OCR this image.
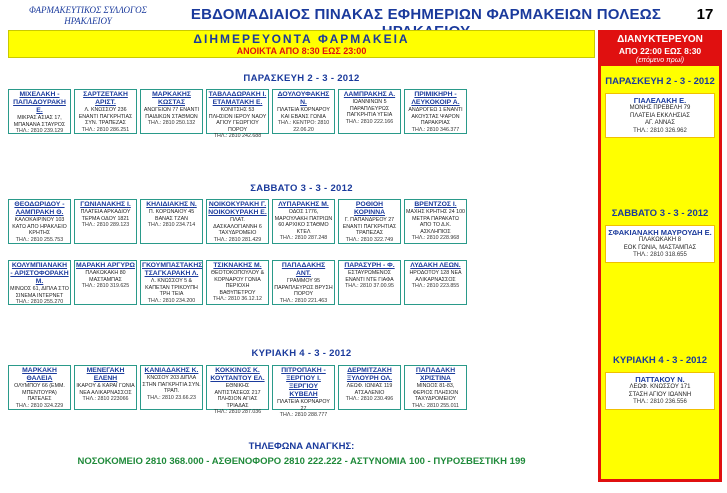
ΦΑΡΜΑΚΕΥΤΙΚΟΣ ΣΥΛΛΟΓΟΣ
ΗΡΑΚΛΕΙΟΥ	ΕΒΔΟΜΑΔΙΑΙΟΣ ΠΙΝΑΚΑΣ ΕΦΗΜΕΡΙΩΝ ΦΑΡΜΑΚΕΙΩΝ ΠΟΛΕΩΣ	17
ΔΙΗΜΕΡΕΥΟΝΤΑ ΦΑΡΜΑΚΕΙΑ
ΑΝΟΙΚΤΑ ΑΠΟ 8:30 ΕΩΣ 23:00
ΠΑΡΑΣΚΕΥΗ 2 - 3 - 2012
ΣΑΒΒΑΤΟ 3 - 3 - 2012
ΚΥΡΙΑΚΗ 4 - 3 - 2012
ΜΙΧΕΛΑΚΗ - ΠΑΠΑΔΟΥΡΑΚΗ Ε.
ΜΙΚΡΑΣ ΑΣΙΑΣ 17, ΜΠΑΝΑΝΑ ΣΤΑΥΡΟΣ
ΤΗΛ.: 2810 239.129
ΣΑΡΤΖΕΤΑΚΗ ΑΡΙΣΤ.
Λ. ΚΝΩΣΣΟΥ 236 ΕΝΑΝΤΙ ΠΑΓΚΡΗΤΙΑΣ ΣΥΝ. ΤΡΑΠΕΖΑΣ
ΤΗΛ.: 2810 286.251
ΜΑΡΚΑΚΗΣ ΚΩΣΤΑΣ
ΑΝΩΓΕΙΩΝ 77 ΕΝΑΝΤΙ ΠΑΙΔΙΚΩΝ ΣΤΑΘΜΩΝ
ΤΗΛ.: 2810 250.132
ΤΑΒΛΑΔΩΡΑΚΗ Ι. ΕΤΑΜΑΤΑΚΗ Ε.
ΚΟΝΙΤΣΗΣ 53 ΠΛΗΣΙΟΝ ΙΕΡΟΥ ΝΑΟΥ ΑΓΙΟΥ ΓΕΩΡΓΙΟΥ ΠΟΡΟΥ
ΤΗΛ.: 2810 242.688
ΔΟΥΛΟΥΦΑΚΗΣ Ν.
ΠΛΑΤΕΙΑ ΚΟΡΝΑΡΟΥ ΚΑΙ ΕΒΑΝΣ ΓΩΝΙΑ
ΤΗΛ.: ΚΕΝΤΡΟ: 2810 22.06.20
ΛΑΜΠΡΑΚΗΣ Α.
ΙΩΑΝΝΙΝΩΝ 5 ΠΑΡΑΠΛΕΥΡΩΣ ΠΑΓΚΡΗΤΙΑ ΥΓΕΙΑ
ΤΗΛ.: 2810 222.166
ΠΡΙΜΙΚΗΡΗ - ΛΕΥΚΟΚΟΙΡ Α.
ΑΝΔΡΟΓΕΩ 1 ΕΝΑΝΤΙ ΑΚΟΥΣΤΑΣ ΨΑΡΟΝ ΠΑΡΑΚΡΙΑΣ
ΤΗΛ.: 2810 346.377
ΘΕΟΔΩΡΙΔΟΥ - ΛΑΜΠΡΑΚΗ Θ.
ΚΑΛΟΚΑΙΡΙΝΟΥ 103 ΚΑΤΩ ΑΠΟ ΗΡΑΚΛΕΙΟ ΚΡΗΤΗΣ
ΤΗΛ.: 2810 255.753
ΓΩΝΙΑΝΑΚΗΣ Ι.
ΠΛΑΤΕΙΑ ΑΡΚΑΔΙΟΥ ΤΕΡΜΑ ΟΔΟΥ 1821
ΤΗΛ.: 2810 289.123
ΚΗΛΙΔΙΑΚΗΣ Ν.
Π. ΚΟΡΩΝΑΙΟΥ 45 ΒΑΝΑΣ ΤΖΑΝ
ΤΗΛ.: 2810 234.714
ΝΟΙΚΟΚΥΡΑΚΗ Γ. ΝΟΙΚΟΚΥΡΑΚΗ Ε.
ΠΛΑΤ. ΔΑΣΚΑΛΟΓΙΑΝΝΗ 6 ΤΑΧΥΔΡΟΜΕΙΟ
ΤΗΛ.: 2810 281.429
ΛΥΠΑΡΑΚΗΣ Μ.
ΟΔΟΣ 1776, ΜΑΡΟΥΛΑΚΗ ΠΑΤΡΙΩΝ 60 ΑΡΧΙΚΟ ΣΤΑΘΜΟ ΚΤΕΛ
ΤΗΛ.: 2810 287.248
ΡΟΘΙΟΗ ΚΟΡΙΝΝΑ
Γ. ΠΑΠΑΝΔΡΕΟΥ 27 ΕΝΑΝΤΙ ΠΑΓΚΡΗΤΙΑΣ ΤΡΑΠΕΖΑΣ
ΤΗΛ.: 2810 322.749
ΒΡΕΝΤΖΟΣ Ι.
ΜΑΧΗΣ ΚΡΗΤΗΣ 24 100 ΜΕΤΡΑ ΠΑΡΑΚΑΤΩ ΑΠΟ ΤΟ Δ.Κ. ΑΣΚΛΗΠΙΟΣ
ΤΗΛ.: 2810 228.968
ΚΟΛΥΜΠΙΑΝΑΚΗ - ΑΡΙΣΤΟΦΟΡΑΚΗ Μ.
ΜΙΝΩΟΣ 61, ΔΙΠΛΑ ΣΤΟ ΣΙΝΕΜΑ ΙΝΤΕΡΝΕΤ
ΤΗΛ.: 2810 255.270
ΜΑΡΑΚΗ ΑΡΓΥΡΩ
ΠΛΑΚΩΚΑΚΗ 80 ΜΑΣΤΑΜΠΑΣ
ΤΗΛ.: 2810 319.625
ΓΚΟΥΜΠΑΣΤΑΚΗΣ ΤΣΑΓΚΑΡΑΚΗ Λ.
Λ. ΚΝΩΣΣΟΥ 5 & ΚΑΠΕΤΑΝ ΤΡΙΚΟΥΠΗ ΤΡΗ ΤΕΙΑ
ΤΗΛ.: 2810 234.200
ΤΣΙΚΝΑΚΗΣ Μ.
ΘΕΟΤΟΚΟΠΟΥΛΟΥ & ΚΟΡΝΑΡΟΥ ΓΩΝΙΑ ΠΕΡΙΟΧΗ ΒΑΘΥΠΕΤΡΟΥ
ΤΗΛ.: 2810 36.12.12
ΠΑΠΑΔΑΚΗΣ ΑΝΤ.
ΓΡΑΜΜΟΥ 95 ΠΑΡΑΠΛΕΥΡΩΣ ΒΡΥΣΗ ΠΟΡΟΥ
ΤΗΛ.: 2810 221.463
ΠΑΡΑΣΥΡΗ - Φ.
ΕΣΤΑΥΡΩΜΕΝΟΣ ΕΝΑΝΤΙ ΝΤΕ ΓΙΑΦΑ
ΤΗΛ.: 2810 37.00.95
ΛΥΔΑΚΗ ΛΕΩΝ.
ΗΡΟΔΟΤΟΥ 128 ΝΕΑ ΑΛΙΚΑΡΝΑΣΣΟΣ
ΤΗΛ.: 2810 223.855
ΜΑΡΚΑΚΗ ΘΑΛΕΙΑ
ΟΛΥΜΠΟΥ 66 (ΕΜΜ. ΜΠΕΝΤΟΥΡΑ) ΠΑΤΕΛΕΣ
ΤΗΛ.: 2810 324.229
ΜΕΝΕΓΑΚΗ ΕΛΕΝΗ
ΙΚΑΡΟΥ & ΚΑΡΑΪ ΓΩΝΙΑ ΝΕΑ ΑΛΙΚΑΡΝΑΣΣΟΣ
ΤΗΛ.: 2810 223066
ΚΑΝΙΑΔΑΚΗΣ Κ.
ΚΝΩΣΟΥ 203 ΔΙΠΛΑ ΣΤΗΝ ΠΑΓΚΡΗΤΙΑ ΣΥΝ. ΤΡΑΠ.
ΤΗΛ.: 2810 23.66.23
ΚΟΚΚΙΝΟΣ Κ. ΚΟΥΤΑΝΤΟΥ ΕΛ.
ΕΘΝΙΚΗΣ ΑΝΤΙΣΤΑΣΕΩΣ 217 ΠΛΗΣΙΟΝ ΑΓΙΑΣ ΤΡΙΑΔΑΣ
ΤΗΛ.: 2810 287.036
ΠΙΤΡΟΠΑΚΗ - ΞΕΡΓΙΟΥ Ι. ΞΕΡΓΙΟΥ ΚΥΒΕΛΗ
ΠΛΑΤΕΙΑ ΚΟΡΝΑΡΟΥ 27
ΤΗΛ.: 2810 288.777
ΔΕΡΜΙΤΖΑΚΗ ΞΥΛΟΥΡΗ ΟΛ.
ΛΕΩΦ. ΙΩΝΙΑΣ 119 ΑΤΣΑΛΕΝΙΟ
ΤΗΛ.: 2810 230.496
ΠΑΠΑΔΑΚΗ ΧΡΙΣΤΙΝΑ
ΜΙΝΩΟΣ 81-83, ΦΕΡΙΟΣ ΠΛΗΣΙΟΝ ΤΑΧΥΔΡΟΜΕΙΟΥ
ΤΗΛ.: 2810 255.011
ΔΙΑΝΥΚΤΕΡΕΥΟΝ
ΑΠΟ 22:00 ΕΩΣ 8:30
(επόμενο πρωί)
ΠΑΡΑΣΚΕΥΗ 2 - 3 - 2012
ΓΙΑΛΕΛΑΚΗ Ε.
ΜΟΝΗΣ ΠΡΕΒΕΛΗ 79
ΠΛΑΤΕΙΑ ΕΚΚΛΗΣΙΑΣ
ΑΓ. ΑΝΝΑΣ
ΤΗΛ.: 2810 326.962
ΣΑΒΒΑΤΟ 3 - 3 - 2012
ΣΦΑΚΙΑΝΑΚΗ ΜΑΥΡΟΥΔΗ Ε.
ΠΛΑΚΩΚΑΚΗ 8
ΕΟΚ ΓΩΝΙΑ, ΜΑΣΤΑΜΠΑΣ
ΤΗΛ.: 2810 318.655
ΚΥΡΙΑΚΗ 4 - 3 - 2012
ΠΑΤΤΑΚΟΥ Ν.
ΛΕΩΦ. ΚΝΩΣΣΟΥ 171
ΣΤΑΣΗ ΑΓΙΟΥ ΙΩΑΝΝΗ
ΤΗΛ.: 2810 236.556
ΤΗΛΕΦΩΝΑ ΑΝΑΓΚΗΣ:
ΝΟΣΟΚΟΜΕΙΟ 2810 368.000 - ΑΣΘΕΝΟΦΟΡΟ 2810 222.222 - ΑΣΤΥΝΟΜΙΑ 100 - ΠΥΡΟΣΒΕΣΤΙΚΗ 199
